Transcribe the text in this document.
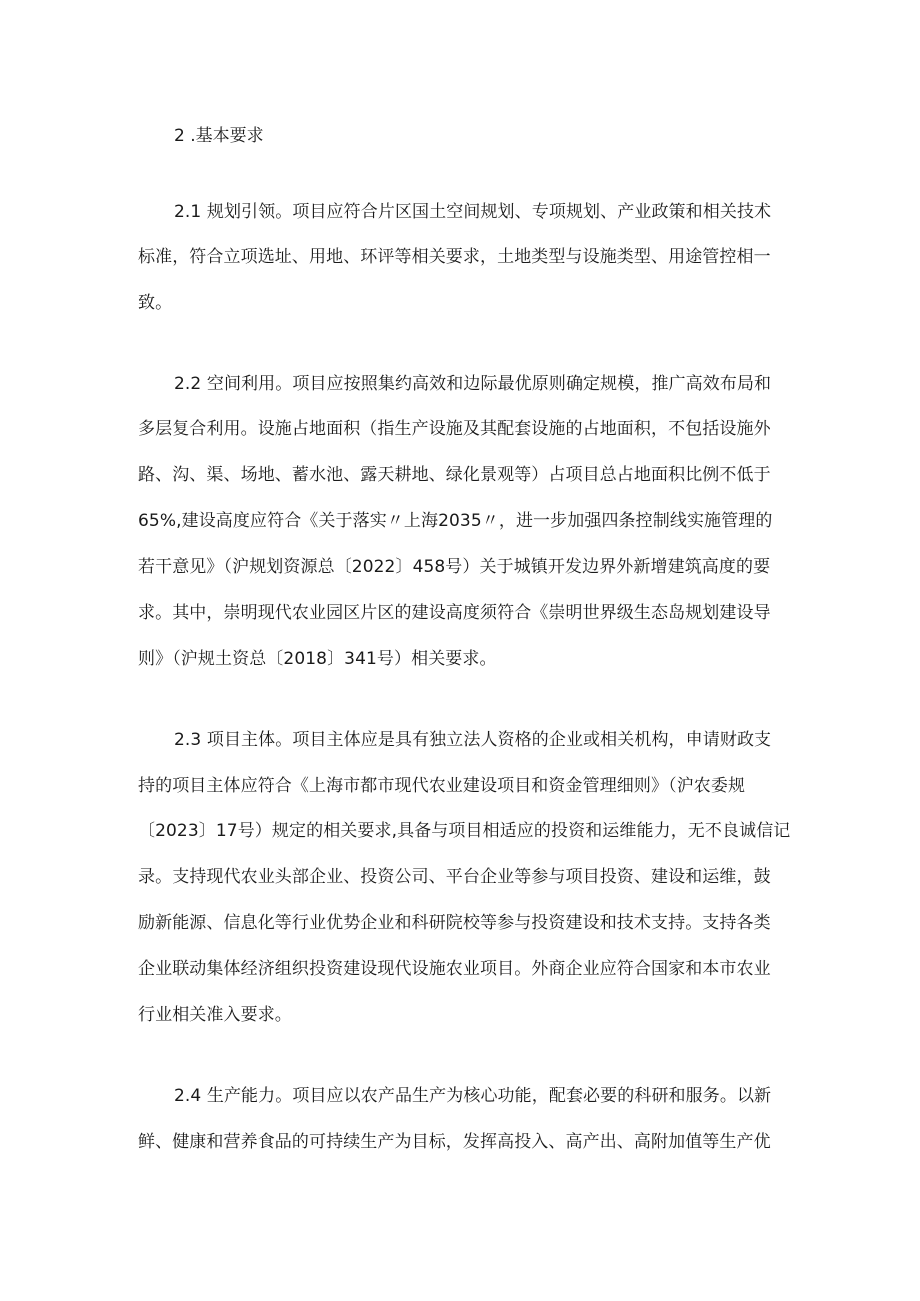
2 .基本要求
2.1 规划引领。项目应符合片区国土空间规划、专项规划、产业政策和相关技术
标准，符合立项选址、用地、环评等相关要求，土地类型与设施类型、用途管控相一
致。
2.2 空间利用。项目应按照集约高效和边际最优原则确定规模，推广高效布局和
多层复合利用。设施占地面积（指生产设施及其配套设施的占地面积，不包括设施外
路、沟、渠、场地、蓄水池、露天耕地、绿化景观等）占项目总占地面积比例不低于
65%,建设高度应符合《关于落实〃上海2035〃，进一步加强四条控制线实施管理的
若干意见》（沪规划资源总〔2022〕458号）关于城镇开发边界外新增建筑高度的要
求。其中，崇明现代农业园区片区的建设高度须符合《崇明世界级生态岛规划建设导
则》（沪规土资总〔2018〕341号）相关要求。
2.3 项目主体。项目主体应是具有独立法人资格的企业或相关机构，申请财政支
持的项目主体应符合《上海市都市现代农业建设项目和资金管理细则》（沪农委规
〔2023〕17号）规定的相关要求,具备与项目相适应的投资和运维能力，无不良诚信记
录。支持现代农业头部企业、投资公司、平台企业等参与项目投资、建设和运维，鼓
励新能源、信息化等行业优势企业和科研院校等参与投资建设和技术支持。支持各类
企业联动集体经济组织投资建设现代设施农业项目。外商企业应符合国家和本市农业
行业相关准入要求。
2.4 生产能力。项目应以农产品生产为核心功能，配套必要的科研和服务。以新
鲜、健康和营养食品的可持续生产为目标，发挥高投入、高产出、高附加值等生产优
